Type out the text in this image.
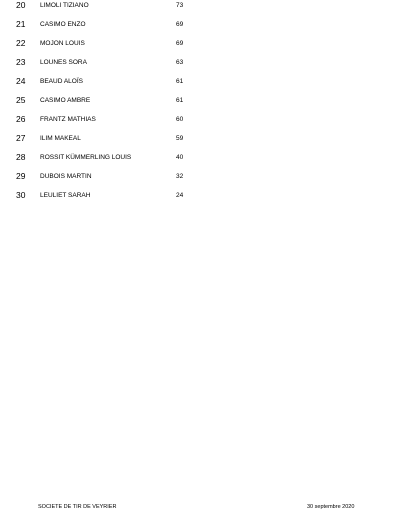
20 LIMOLI TIZIANO	73
21 CASIMO ENZO	69
22 MOJON LOUIS	69
23 LOUNES SORA	63
24 BEAUD ALOÏS	61
25 CASIMO AMBRE	61
26 FRANTZ MATHIAS	60
27 ILIM MAKEAL	59
28 ROSSIT KÜMMERLING LOUIS	40
29 DUBOIS MARTIN	32
30 LEULIET SARAH	24
SOCIETE DE TIR DE VEYRIER	30 septembre 2020
